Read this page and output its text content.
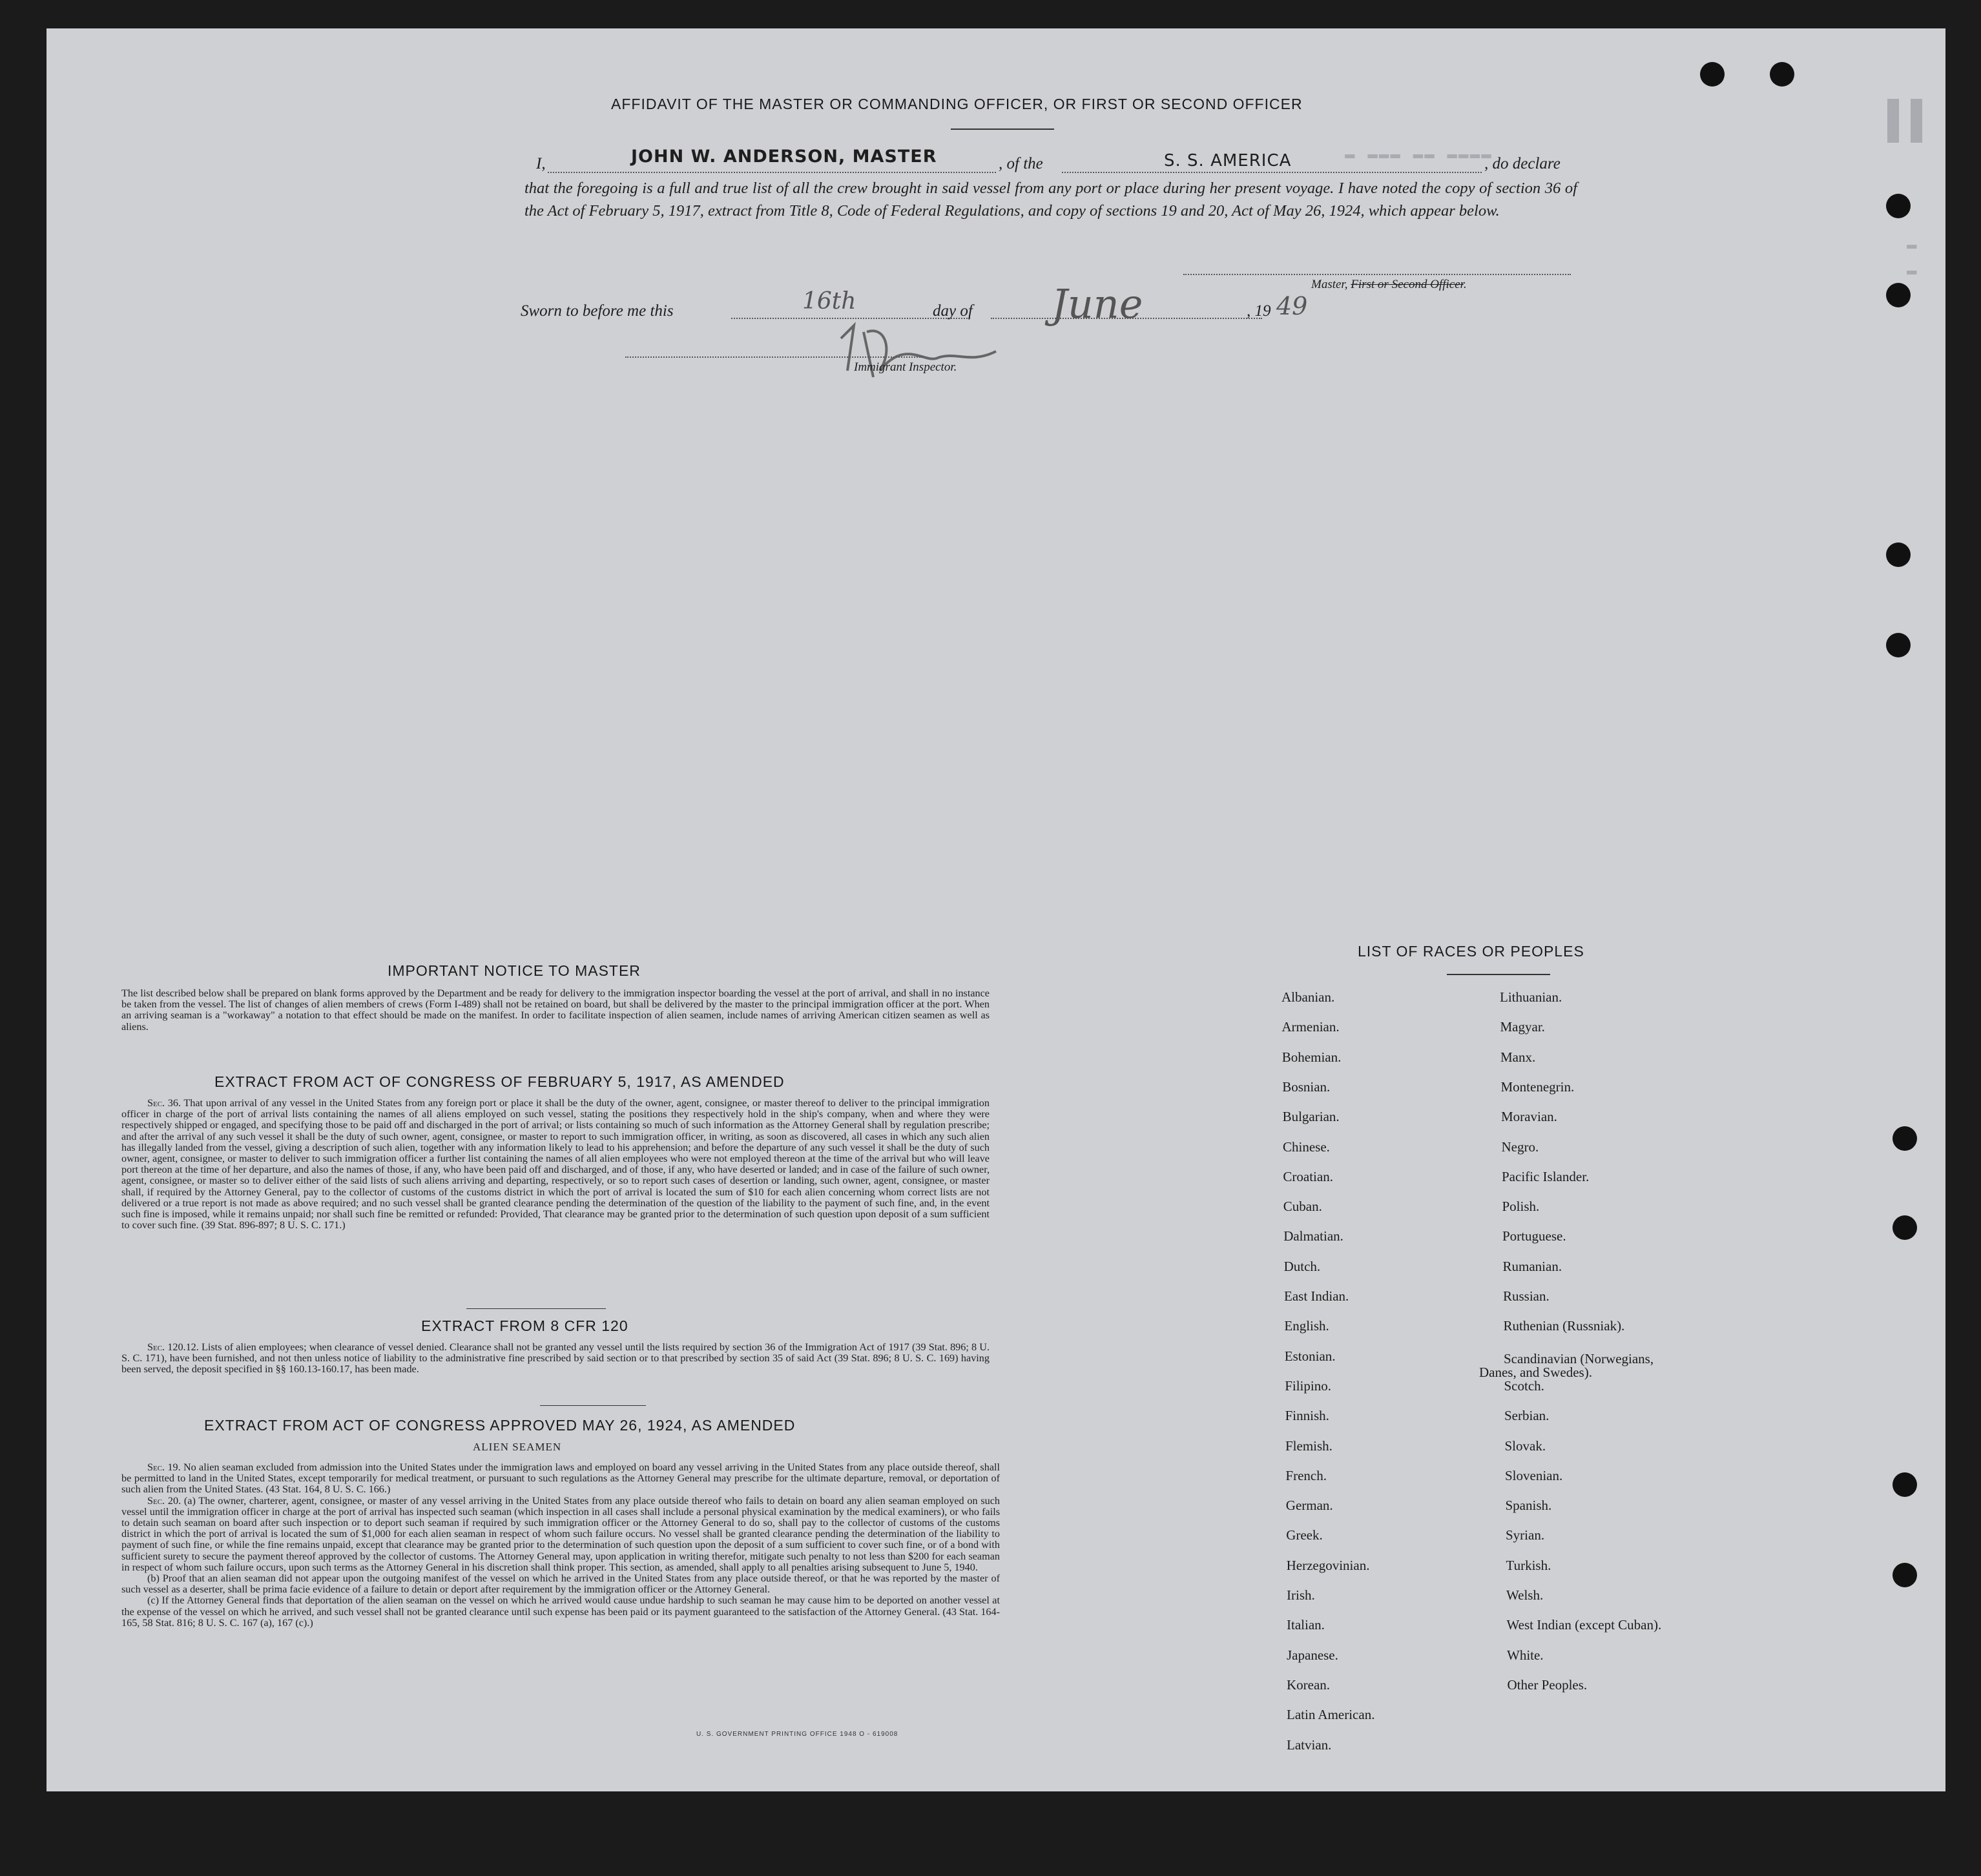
▬ ▬▬▬ ▬▬ ▬▬▬▬
▌▌
▬
▬
AFFIDAVIT OF THE MASTER OR COMMANDING OFFICER, OR FIRST OR SECOND OFFICER
I,	JOHN W. ANDERSON, MASTER	, of the	S. S. AMERICA	, do declare
that the foregoing is a full and true list of all the crew brought in said vessel from any port or place during her present voyage. I have noted the copy of section 36 of the Act of February 5, 1917, extract from Title 8, Code of Federal Regulations, and copy of sections 19 and 20, Act of May 26, 1924, which appear below.
Master, First or Second Officer.
Sworn to before me this	16th	day of June	, 19 49
Immigrant Inspector.
IMPORTANT NOTICE TO MASTER
The list described below shall be prepared on blank forms approved by the Department and be ready for delivery to the immigration inspector boarding the vessel at the port of arrival, and shall in no instance be taken from the vessel. The list of changes of alien members of crews (Form I-489) shall not be retained on board, but shall be delivered by the master to the principal immigration officer at the port. When an arriving seaman is a "workaway" a notation to that effect should be made on the manifest. In order to facilitate inspection of alien seamen, include names of arriving American citizen seamen as well as aliens.
EXTRACT FROM ACT OF CONGRESS OF FEBRUARY 5, 1917, AS AMENDED
Sec. 36. That upon arrival of any vessel in the United States from any foreign port or place it shall be the duty of the owner, agent, consignee, or master thereof to deliver to the principal immigration officer in charge of the port of arrival lists containing the names of all aliens employed on such vessel, stating the positions they respectively hold in the ship's company, when and where they were respectively shipped or engaged, and specifying those to be paid off and discharged in the port of arrival; or lists containing so much of such information as the Attorney General shall by regulation prescribe; and after the arrival of any such vessel it shall be the duty of such owner, agent, consignee, or master to report to such immigration officer, in writing, as soon as discovered, all cases in which any such alien has illegally landed from the vessel, giving a description of such alien, together with any information likely to lead to his apprehension; and before the departure of any such vessel it shall be the duty of such owner, agent, consignee, or master to deliver to such immigration officer a further list containing the names of all alien employees who were not employed thereon at the time of the arrival but who will leave port thereon at the time of her departure, and also the names of those, if any, who have been paid off and discharged, and of those, if any, who have deserted or landed; and in case of the failure of such owner, agent, consignee, or master so to deliver either of the said lists of such aliens arriving and departing, respectively, or so to report such cases of desertion or landing, such owner, agent, consignee, or master shall, if required by the Attorney General, pay to the collector of customs of the customs district in which the port of arrival is located the sum of $10 for each alien concerning whom correct lists are not delivered or a true report is not made as above required; and no such vessel shall be granted clearance pending the determination of the question of the liability to the payment of such fine, and, in the event such fine is imposed, while it remains unpaid; nor shall such fine be remitted or refunded: Provided, That clearance may be granted prior to the determination of such question upon deposit of a sum sufficient to cover such fine. (39 Stat. 896-897; 8 U. S. C. 171.)
EXTRACT FROM 8 CFR 120
Sec. 120.12. Lists of alien employees; when clearance of vessel denied. Clearance shall not be granted any vessel until the lists required by section 36 of the Immigration Act of 1917 (39 Stat. 896; 8 U. S. C. 171), have been furnished, and not then unless notice of liability to the administrative fine prescribed by said section or to that prescribed by section 35 of said Act (39 Stat. 896; 8 U. S. C. 169) having been served, the deposit specified in §§ 160.13-160.17, has been made.
EXTRACT FROM ACT OF CONGRESS APPROVED MAY 26, 1924, AS AMENDED
ALIEN SEAMEN
Sec. 19. No alien seaman excluded from admission into the United States under the immigration laws and employed on board any vessel arriving in the United States from any place outside thereof, shall be permitted to land in the United States, except temporarily for medical treatment, or pursuant to such regulations as the Attorney General may prescribe for the ultimate departure, removal, or deportation of such alien from the United States. (43 Stat. 164, 8 U. S. C. 166.)
Sec. 20. (a) The owner, charterer, agent, consignee, or master of any vessel arriving in the United States from any place outside thereof who fails to detain on board any alien seaman employed on such vessel until the immigration officer in charge at the port of arrival has inspected such seaman (which inspection in all cases shall include a personal physical examination by the medical examiners), or who fails to detain such seaman on board after such inspection or to deport such seaman if required by such immigration officer or the Attorney General to do so, shall pay to the collector of customs of the customs district in which the port of arrival is located the sum of $1,000 for each alien seaman in respect of whom such failure occurs. No vessel shall be granted clearance pending the determination of the liability to payment of such fine, or while the fine remains unpaid, except that clearance may be granted prior to the determination of such question upon the deposit of a sum sufficient to cover such fine, or of a bond with sufficient surety to secure the payment thereof approved by the collector of customs. The Attorney General may, upon application in writing therefor, mitigate such penalty to not less than $200 for each seaman in respect of whom such failure occurs, upon such terms as the Attorney General in his discretion shall think proper. This section, as amended, shall apply to all penalties arising subsequent to June 5, 1940.
(b) Proof that an alien seaman did not appear upon the outgoing manifest of the vessel on which he arrived in the United States from any place outside thereof, or that he was reported by the master of such vessel as a deserter, shall be prima facie evidence of a failure to detain or deport after requirement by the immigration officer or the Attorney General.
(c) If the Attorney General finds that deportation of the alien seaman on the vessel on which he arrived would cause undue hardship to such seaman he may cause him to be deported on another vessel at the expense of the vessel on which he arrived, and such vessel shall not be granted clearance until such expense has been paid or its payment guaranteed to the satisfaction of the Attorney General. (43 Stat. 164-165, 58 Stat. 816; 8 U. S. C. 167 (a), 167 (c).)
U. S. GOVERNMENT PRINTING OFFICE 1948 O - 619008
LIST OF RACES OR PEOPLES
Albanian.
Armenian.
Bohemian.
Bosnian.
Bulgarian.
Chinese.
Croatian.
Cuban.
Dalmatian.
Dutch.
East Indian.
English.
Estonian.
Filipino.
Finnish.
Flemish.
French.
German.
Greek.
Herzegovinian.
Irish.
Italian.
Japanese.
Korean.
Latin American.
Latvian.
Lithuanian.
Magyar.
Manx.
Montenegrin.
Moravian.
Negro.
Pacific Islander.
Polish.
Portuguese.
Rumanian.
Russian.
Ruthenian (Russniak).
Scandinavian (Norwegians,
Danes, and Swedes).
Scotch.
Serbian.
Slovak.
Slovenian.
Spanish.
Syrian.
Turkish.
Welsh.
West Indian (except Cuban).
White.
Other Peoples.
